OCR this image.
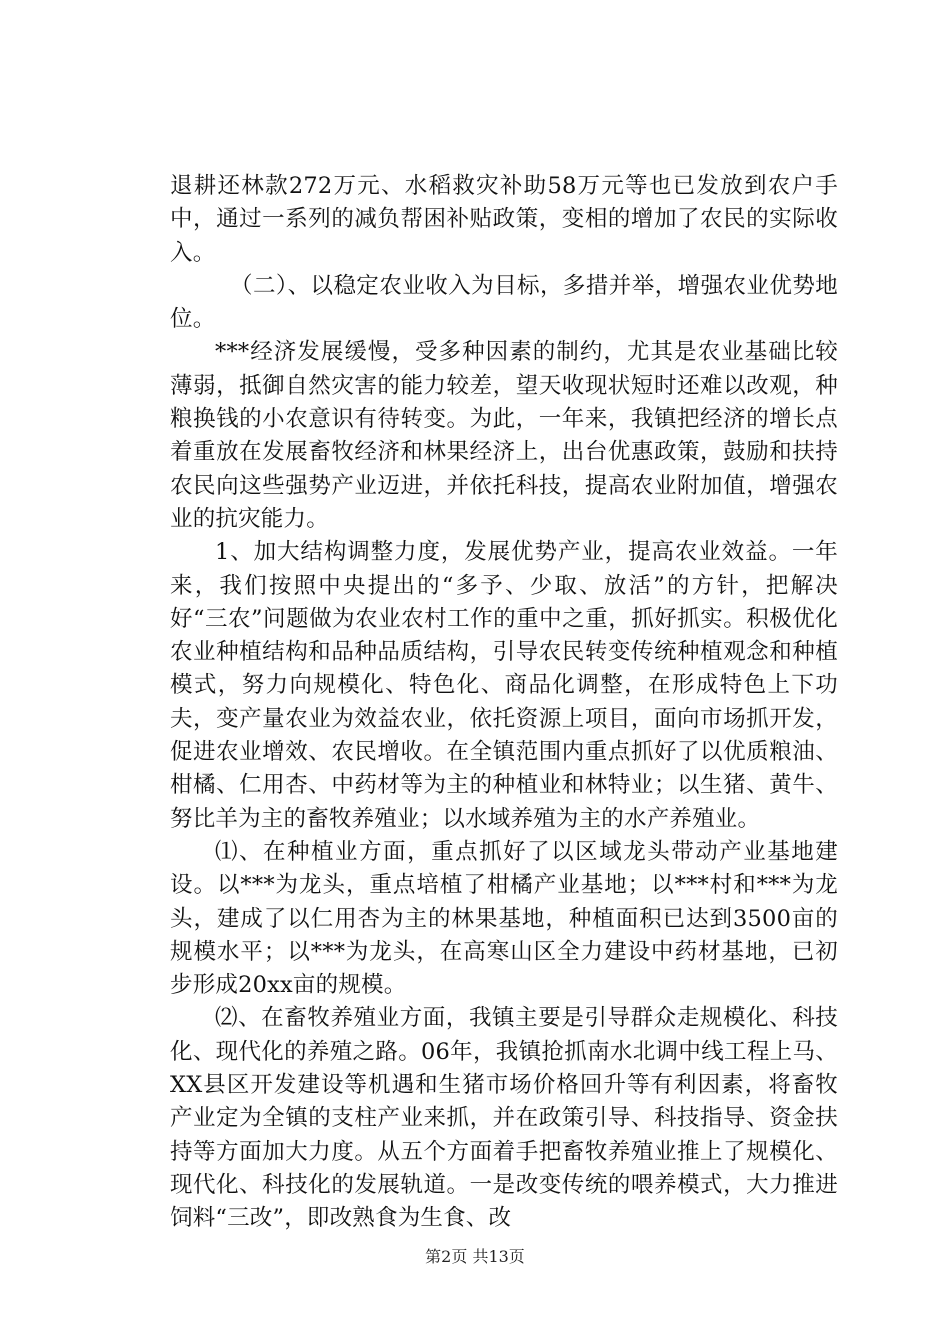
退耕还林款272万元、水稻救灾补助58万元等也已发放到农户手中，通过一系列的减负帮困补贴政策，变相的增加了农民的实际收入。

（二）、以稳定农业收入为目标，多措并举，增强农业优势地位。

***经济发展缓慢，受多种因素的制约，尤其是农业基础比较薄弱，抵御自然灾害的能力较差，望天收现状短时还难以改观，种粮换钱的小农意识有待转变。为此，一年来，我镇把经济的增长点着重放在发展畜牧经济和林果经济上，出台优惠政策，鼓励和扶持农民向这些强势产业迈进，并依托科技，提高农业附加值，增强农业的抗灾能力。

1、加大结构调整力度，发展优势产业，提高农业效益。一年来，我们按照中央提出的“多予、少取、放活”的方针，把解决好“三农”问题做为农业农村工作的重中之重，抓好抓实。积极优化农业种植结构和品种品质结构，引导农民转变传统种植观念和种植模式，努力向规模化、特色化、商品化调整，在形成特色上下功夫，变产量农业为效益农业，依托资源上项目，面向市场抓开发，促进农业增效、农民增收。在全镇范围内重点抓好了以优质粮油、柑橘、仁用杏、中药材等为主的种植业和林特业；以生猪、黄牛、努比羊为主的畜牧养殖业；以水域养殖为主的水产养殖业。

⑴、在种植业方面，重点抓好了以区域龙头带动产业基地建设。以***为龙头，重点培植了柑橘产业基地；以***村和***为龙头，建成了以仁用杏为主的林果基地，种植面积已达到3500亩的规模水平；以***为龙头，在高寒山区全力建设中药材基地，已初步形成20xx亩的规模。

⑵、在畜牧养殖业方面，我镇主要是引导群众走规模化、科技化、现代化的养殖之路。06年，我镇抢抓南水北调中线工程上马、XX县区开发建设等机遇和生猪市场价格回升等有利因素，将畜牧产业定为全镇的支柱产业来抓，并在政策引导、科技指导、资金扶持等方面加大力度。从五个方面着手把畜牧养殖业推上了规模化、现代化、科技化的发展轨道。一是改变传统的喂养模式，大力推进饲料“三改”，即改熟食为生食、改

第2页 共13页
